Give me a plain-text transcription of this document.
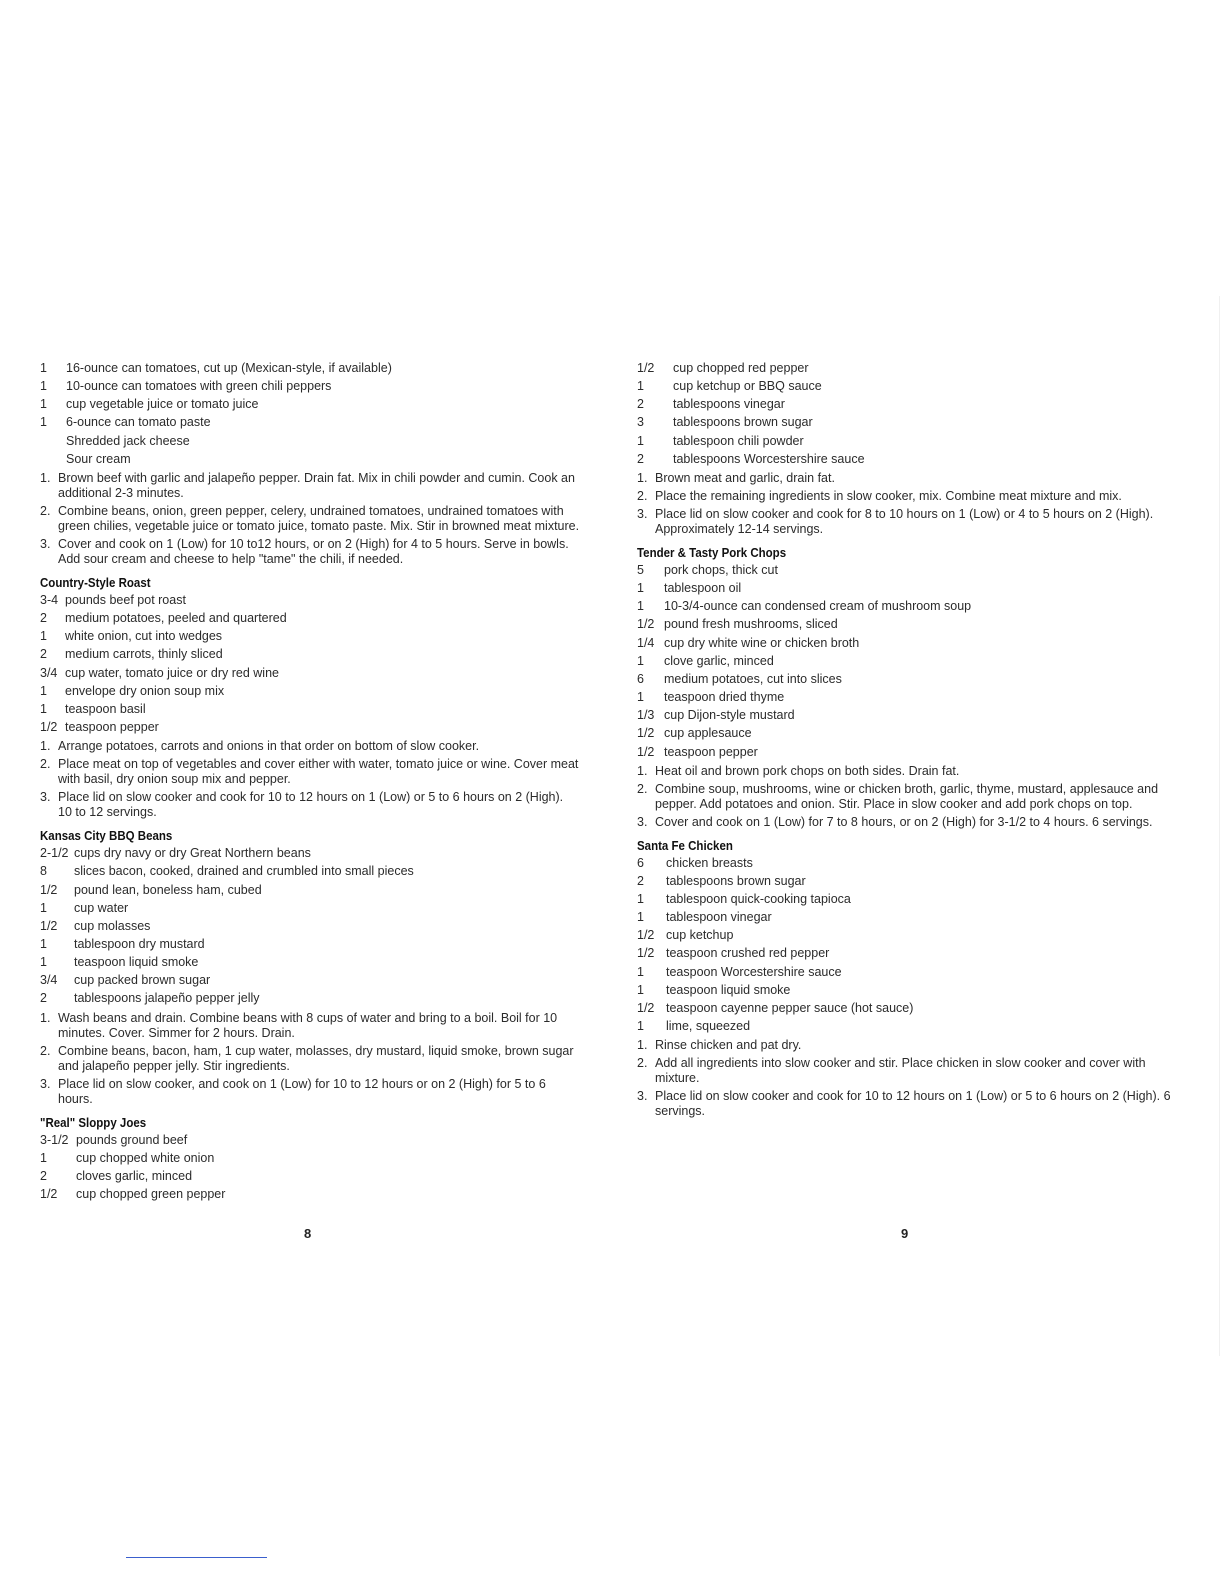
1 16-ounce can tomatoes, cut up (Mexican-style, if available)
1 10-ounce can tomatoes with green chili peppers
1 cup vegetable juice or tomato juice
1 6-ounce can tomato paste
Shredded jack cheese
Sour cream
1. Brown beef with garlic and jalapeño pepper. Drain fat. Mix in chili powder and cumin. Cook an additional 2-3 minutes.
2. Combine beans, onion, green pepper, celery, undrained tomatoes, undrained tomatoes with green chilies, vegetable juice or tomato juice, tomato paste. Mix. Stir in browned meat mixture.
3. Cover and cook on 1 (Low) for 10 to12 hours, or on 2 (High) for 4 to 5 hours. Serve in bowls. Add sour cream and cheese to help "tame" the chili, if needed.
Country-Style Roast
3-4 pounds beef pot roast
2 medium potatoes, peeled and quartered
1 white onion, cut into wedges
2 medium carrots, thinly sliced
3/4 cup water, tomato juice or dry red wine
1 envelope dry onion soup mix
1 teaspoon basil
1/2 teaspoon pepper
1. Arrange potatoes, carrots and onions in that order on bottom of slow cooker.
2. Place meat on top of vegetables and cover either with water, tomato juice or wine. Cover meat with basil, dry onion soup mix and pepper.
3. Place lid on slow cooker and cook for 10 to 12 hours on 1 (Low) or 5 to 6 hours on 2 (High). 10 to 12 servings.
Kansas City BBQ Beans
2-1/2 cups dry navy or dry Great Northern beans
8 slices bacon, cooked, drained and crumbled into small pieces
1/2 pound lean, boneless ham, cubed
1 cup water
1/2 cup molasses
1 tablespoon dry mustard
1 teaspoon liquid smoke
3/4 cup packed brown sugar
2 tablespoons jalapeño pepper jelly
1. Wash beans and drain. Combine beans with 8 cups of water and bring to a boil. Boil for 10 minutes. Cover. Simmer for 2 hours. Drain.
2. Combine beans, bacon, ham, 1 cup water, molasses, dry mustard, liquid smoke, brown sugar and jalapeño pepper jelly. Stir ingredients.
3. Place lid on slow cooker, and cook on 1 (Low) for 10 to 12 hours or on 2 (High) for 5 to 6 hours.
"Real" Sloppy Joes
3-1/2 pounds ground beef
1 cup chopped white onion
2 cloves garlic, minced
1/2 cup chopped green pepper
1/2 cup chopped red pepper
1 cup ketchup or BBQ sauce
2 tablespoons vinegar
3 tablespoons brown sugar
1 tablespoon chili powder
2 tablespoons Worcestershire sauce
1. Brown meat and garlic, drain fat.
2. Place the remaining ingredients in slow cooker, mix. Combine meat mixture and mix.
3. Place lid on slow cooker and cook for 8 to 10 hours on 1 (Low) or 4 to 5 hours on 2 (High). Approximately 12-14 servings.
Tender & Tasty Pork Chops
5 pork chops, thick cut
1 tablespoon oil
1 10-3/4-ounce can condensed cream of mushroom soup
1/2 pound fresh mushrooms, sliced
1/4 cup dry white wine or chicken broth
1 clove garlic, minced
6 medium potatoes, cut into slices
1 teaspoon dried thyme
1/3 cup Dijon-style mustard
1/2 cup applesauce
1/2 teaspoon pepper
1. Heat oil and brown pork chops on both sides. Drain fat.
2. Combine soup, mushrooms, wine or chicken broth, garlic, thyme, mustard, applesauce and pepper. Add potatoes and onion. Stir. Place in slow cooker and add pork chops on top.
3. Cover and cook on 1 (Low) for 7 to 8 hours, or on 2 (High) for 3-1/2 to 4 hours. 6 servings.
Santa Fe Chicken
6 chicken breasts
2 tablespoons brown sugar
1 tablespoon quick-cooking tapioca
1 tablespoon vinegar
1/2 cup ketchup
1/2 teaspoon crushed red pepper
1 teaspoon Worcestershire sauce
1 teaspoon liquid smoke
1/2 teaspoon cayenne pepper sauce (hot sauce)
1 lime, squeezed
1. Rinse chicken and pat dry.
2. Add all ingredients into slow cooker and stir. Place chicken in slow cooker and cover with mixture.
3. Place lid on slow cooker and cook for 10 to 12 hours on 1 (Low) or 5 to 6 hours on 2 (High). 6 servings.
8	9
